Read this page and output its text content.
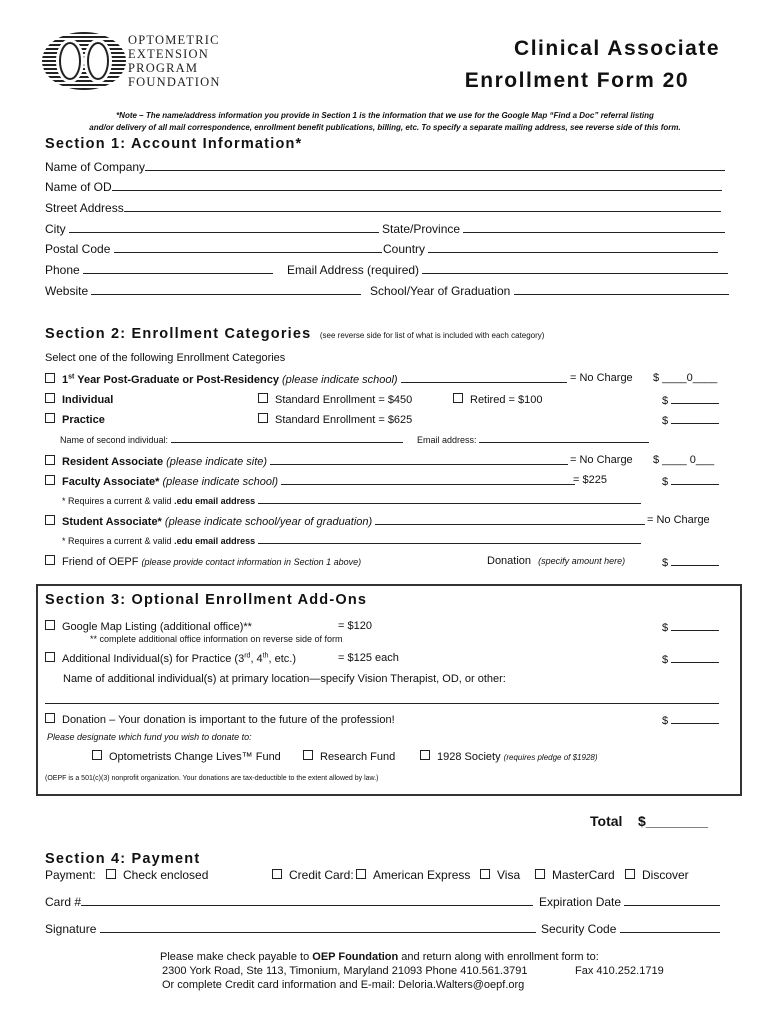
OPTOMETRIC
EXTENSION
PROGRAM
FOUNDATION
Clinical Associate
Enrollment Form 20
*Note – The name/address information you provide in Section 1 is the information that we use for the Google Map “Find a Doc” referral listing
and/or delivery of all mail correspondence, enrollment benefit publications, billing, etc. To specify a separate mailing address, see reverse side of this form.
Section 1: Account Information*
Name of Company
Name of OD
Street Address
City	State/Province
Postal Code	Country
Phone	Email Address (required)
Website	School/Year of Graduation
Section 2: Enrollment Categories (see reverse side for list of what is included with each category)
Select one of the following Enrollment Categories
1st Year Post-Graduate or Post-Residency (please indicate school)	= No Charge $ ____0____
Individual	Standard Enrollment = $450	Retired = $100	$
Practice	Standard Enrollment = $625	$
Name of second individual:	Email address:
Resident Associate (please indicate site)	= No Charge $ ____ 0___
Faculty Associate* (please indicate school)	= $225	$
* Requires a current & valid .edu email address
Student Associate* (please indicate school/year of graduation)	= No Charge
* Requires a current & valid .edu email address
Friend of OEPF (please provide contact information in Section 1 above)	Donation (specify amount here)	$
Section 3: Optional Enrollment Add-Ons
Google Map Listing (additional office)**	= $120	$
** complete additional office information on reverse side of form
Additional Individual(s) for Practice (3rd, 4th, etc.)	= $125 each	$
Name of additional individual(s) at primary location—specify Vision Therapist, OD, or other:
Donation – Your donation is important to the future of the profession!	$
Please designate which fund you wish to donate to:
Optometrists Change Lives™ Fund	Research Fund	1928 Society (requires pledge of $1928)
(OEPF is a 501(c)(3) nonprofit organization. Your donations are tax-deductible to the extent allowed by law.)
Total $________
Section 4: Payment
Payment:	Check enclosed	Credit Card:	American Express	Visa	MasterCard	Discover
Card #	Expiration Date
Signature	Security Code
Please make check payable to OEP Foundation and return along with enrollment form to:
2300 York Road, Ste 113, Timonium, Maryland 21093 Phone 410.561.3791	Fax 410.252.1719
Or complete Credit card information and E-mail: Deloria.Walters@oepf.org
